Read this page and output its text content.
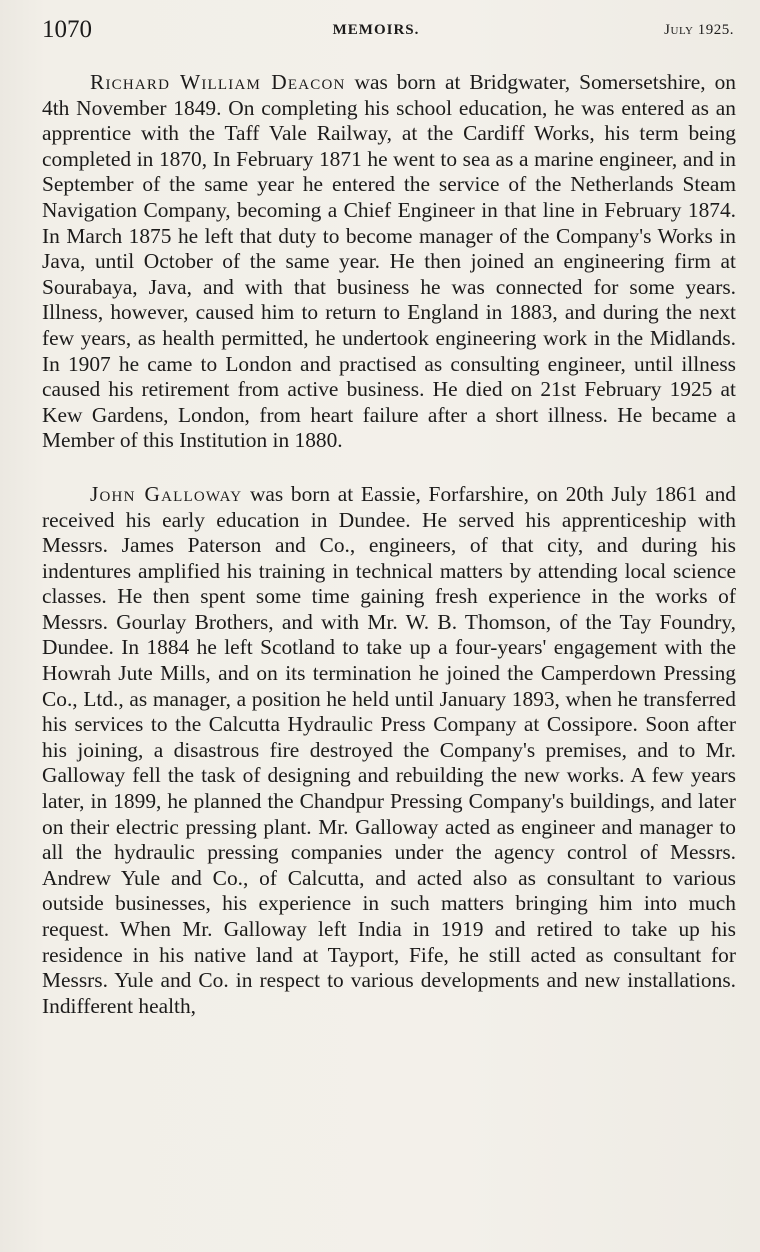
1070	MEMOIRS.	July 1925.

Richard William Deacon was born at Bridgwater, Somersetshire, on 4th November 1849. On completing his school education, he was entered as an apprentice with the Taff Vale Railway, at the Cardiff Works, his term being completed in 1870, In February 1871 he went to sea as a marine engineer, and in September of the same year he entered the service of the Netherlands Steam Navigation Company, becoming a Chief Engineer in that line in February 1874. In March 1875 he left that duty to become manager of the Company's Works in Java, until October of the same year. He then joined an engineering firm at Sourabaya, Java, and with that business he was connected for some years. Illness, however, caused him to return to England in 1883, and during the next few years, as health permitted, he undertook engineering work in the Midlands. In 1907 he came to London and practised as consulting engineer, until illness caused his retirement from active business. He died on 21st February 1925 at Kew Gardens, London, from heart failure after a short illness. He became a Member of this Institution in 1880.

John Galloway was born at Eassie, Forfarshire, on 20th July 1861 and received his early education in Dundee. He served his apprenticeship with Messrs. James Paterson and Co., engineers, of that city, and during his indentures amplified his training in technical matters by attending local science classes. He then spent some time gaining fresh experience in the works of Messrs. Gourlay Brothers, and with Mr. W. B. Thomson, of the Tay Foundry, Dundee. In 1884 he left Scotland to take up a four-years' engagement with the Howrah Jute Mills, and on its termination he joined the Camperdown Pressing Co., Ltd., as manager, a position he held until January 1893, when he transferred his services to the Calcutta Hydraulic Press Company at Cossipore. Soon after his joining, a disastrous fire destroyed the Company's premises, and to Mr. Galloway fell the task of designing and rebuilding the new works. A few years later, in 1899, he planned the Chandpur Pressing Company's buildings, and later on their electric pressing plant. Mr. Galloway acted as engineer and manager to all the hydraulic pressing companies under the agency control of Messrs. Andrew Yule and Co., of Calcutta, and acted also as consultant to various outside businesses, his experience in such matters bringing him into much request. When Mr. Galloway left India in 1919 and retired to take up his residence in his native land at Tayport, Fife, he still acted as consultant for Messrs. Yule and Co. in respect to various developments and new installations. Indifferent health,
